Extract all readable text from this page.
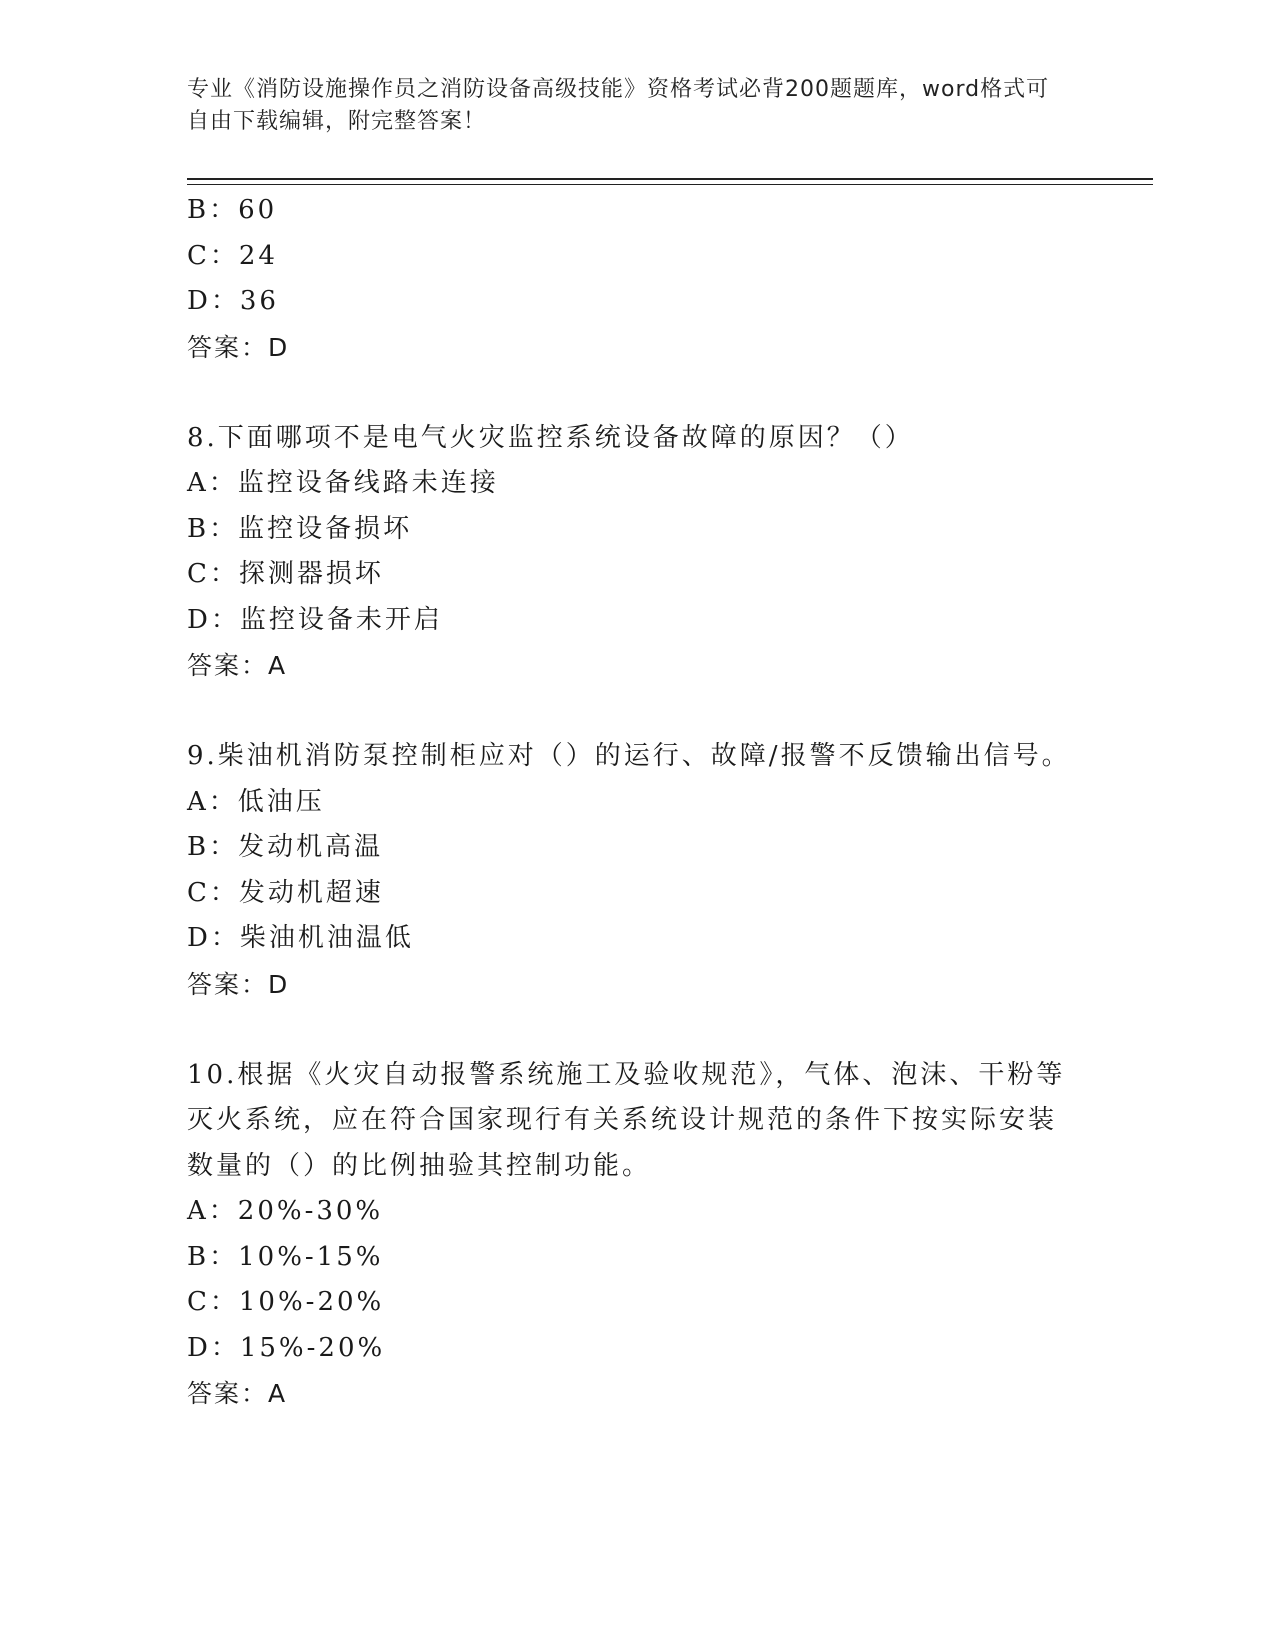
专业《消防设施操作员之消防设备高级技能》资格考试必背200题题库，word格式可自由下载编辑，附完整答案！
B：60
C：24
D：36
答案：D
8.下面哪项不是电气火灾监控系统设备故障的原因？（）
A：监控设备线路未连接
B：监控设备损坏
C：探测器损坏
D：监控设备未开启
答案：A
9.柴油机消防泵控制柜应对（）的运行、故障/报警不反馈输出信号。
A：低油压
B：发动机高温
C：发动机超速
D：柴油机油温低
答案：D
10.根据《火灾自动报警系统施工及验收规范》，气体、泡沫、干粉等
灭火系统，应在符合国家现行有关系统设计规范的条件下按实际安装
数量的（）的比例抽验其控制功能。
A：20%-30%
B：10%-15%
C：10%-20%
D：15%-20%
答案：A
